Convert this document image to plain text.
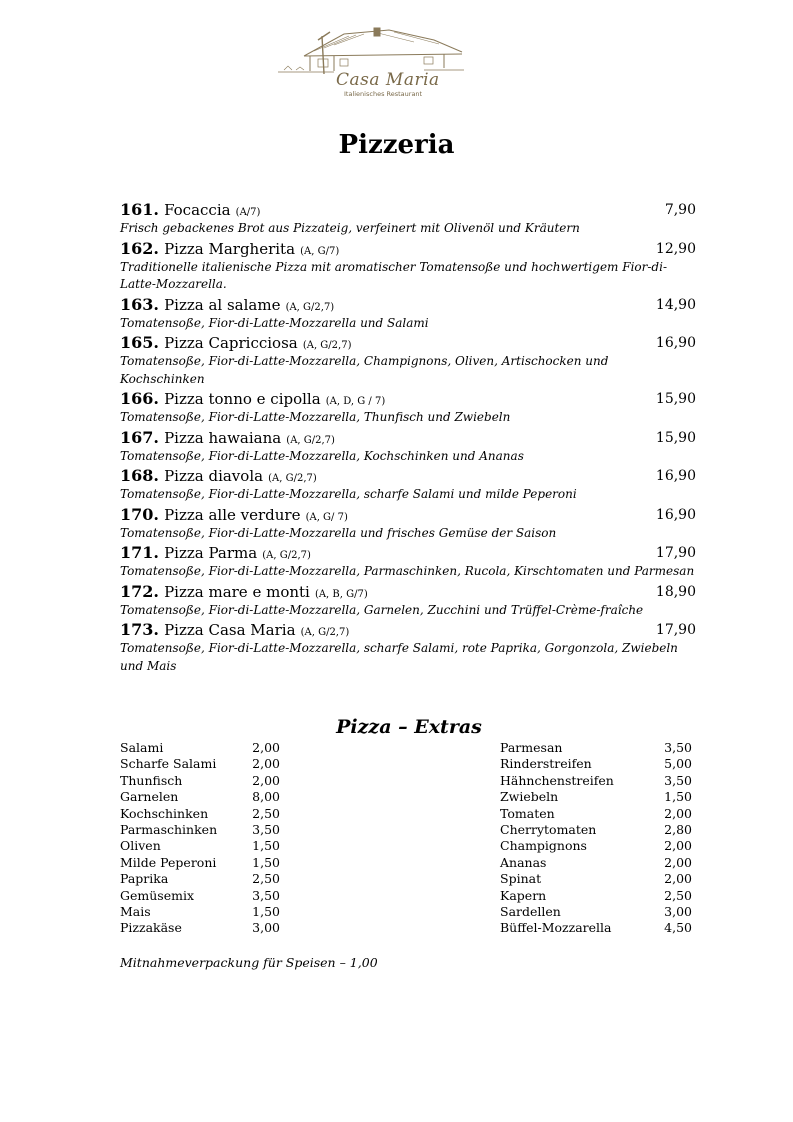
Casa Maria
Italienisches Restaurant
Pizzeria
161. Focaccia (A/7)	7,90
Frisch gebackenes Brot aus Pizzateig, verfeinert mit Olivenöl und Kräutern
162. Pizza Margherita (A, G/7)	12,90
Traditionelle italienische Pizza mit aromatischer Tomatensoße und hochwertigem Fior-di-Latte-Mozzarella.
163. Pizza al salame (A, G/2,7)	14,90
Tomatensoße, Fior-di-Latte-Mozzarella und Salami
165. Pizza Capricciosa (A, G/2,7)	16,90
Tomatensoße, Fior-di-Latte-Mozzarella, Champignons, Oliven, Artischocken und Kochschinken
166. Pizza tonno e cipolla (A, D, G / 7)	15,90
Tomatensoße, Fior-di-Latte-Mozzarella, Thunfisch und Zwiebeln
167. Pizza hawaiana (A, G/2,7)	15,90
Tomatensoße, Fior-di-Latte-Mozzarella, Kochschinken und Ananas
168. Pizza diavola (A, G/2,7)	16,90
Tomatensoße, Fior-di-Latte-Mozzarella, scharfe Salami und milde Peperoni
170. Pizza alle verdure (A, G/ 7)	16,90
Tomatensoße, Fior-di-Latte-Mozzarella und frisches Gemüse der Saison
171. Pizza Parma (A, G/2,7)	17,90
Tomatensoße, Fior-di-Latte-Mozzarella, Parmaschinken, Rucola, Kirschtomaten und Parmesan
172. Pizza mare e monti (A, B, G/7)	18,90
Tomatensoße, Fior-di-Latte-Mozzarella, Garnelen, Zucchini und Trüffel-Crème-fraîche
173. Pizza Casa Maria (A, G/2,7)	17,90
Tomatensoße, Fior-di-Latte-Mozzarella, scharfe Salami, rote Paprika, Gorgonzola, Zwiebeln und Mais
Pizza – Extras
Salami	2,00
Scharfe Salami	2,00
Thunfisch	2,00
Garnelen	8,00
Kochschinken	2,50
Parmaschinken	3,50
Oliven	1,50
Milde Peperoni	1,50
Paprika	2,50
Gemüsemix	3,50
Mais	1,50
Pizzakäse	3,00
Parmesan	3,50
Rinderstreifen	5,00
Hähnchenstreifen	3,50
Zwiebeln	1,50
Tomaten	2,00
Cherrytomaten	2,80
Champignons	2,00
Ananas	2,00
Spinat	2,00
Kapern	2,50
Sardellen	3,00
Büffel-Mozzarella	4,50
Mitnahmeverpackung für Speisen – 1,00
